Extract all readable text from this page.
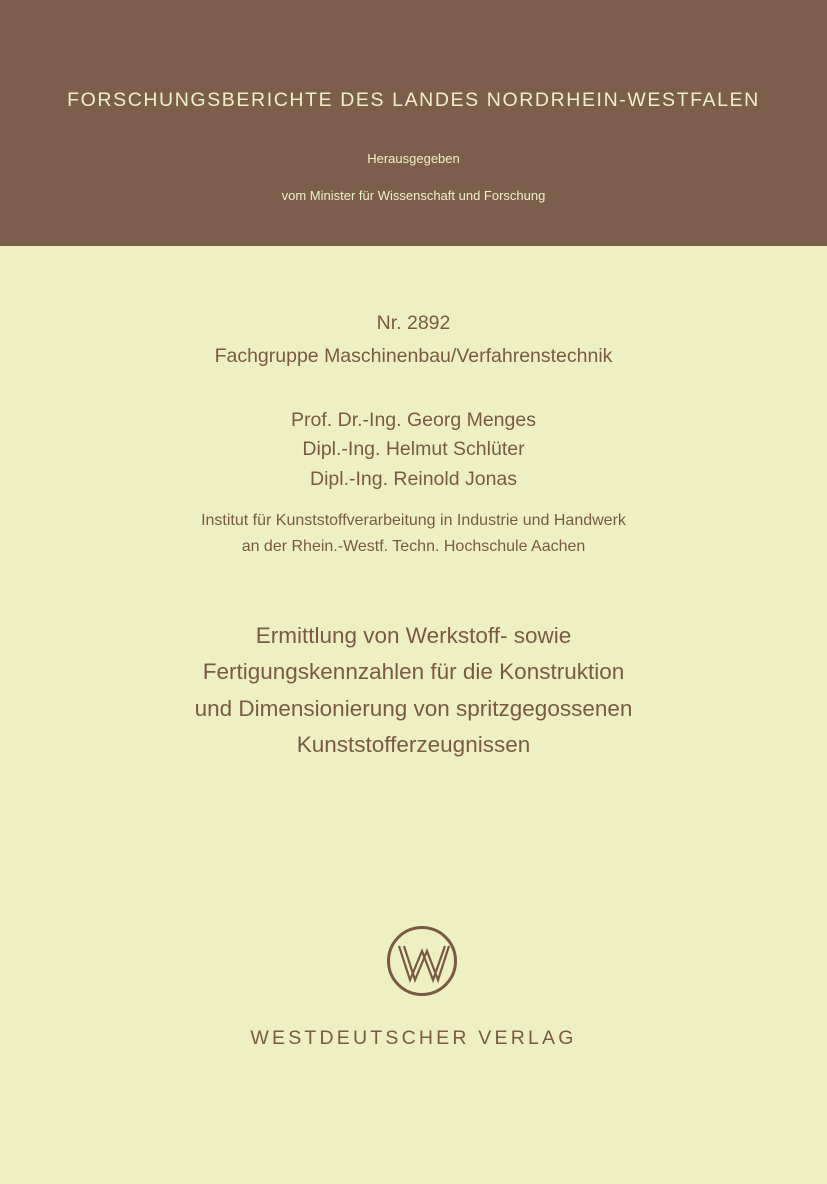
FORSCHUNGSBERICHTE DES LANDES NORDRHEIN-WESTFALEN
Herausgegeben
vom Minister für Wissenschaft und Forschung
Nr. 2892
Fachgruppe Maschinenbau/Verfahrenstechnik
Prof. Dr.-Ing. Georg Menges
Dipl.-Ing. Helmut Schlüter
Dipl.-Ing. Reinold Jonas
Institut für Kunststoffverarbeitung in Industrie und Handwerk
an der Rhein.-Westf. Techn. Hochschule Aachen
Ermittlung von Werkstoff- sowie
Fertigungskennzahlen für die Konstruktion
und Dimensionierung von spritzgegossenen
Kunststofferzeugnissen
WESTDEUTSCHER VERLAG
